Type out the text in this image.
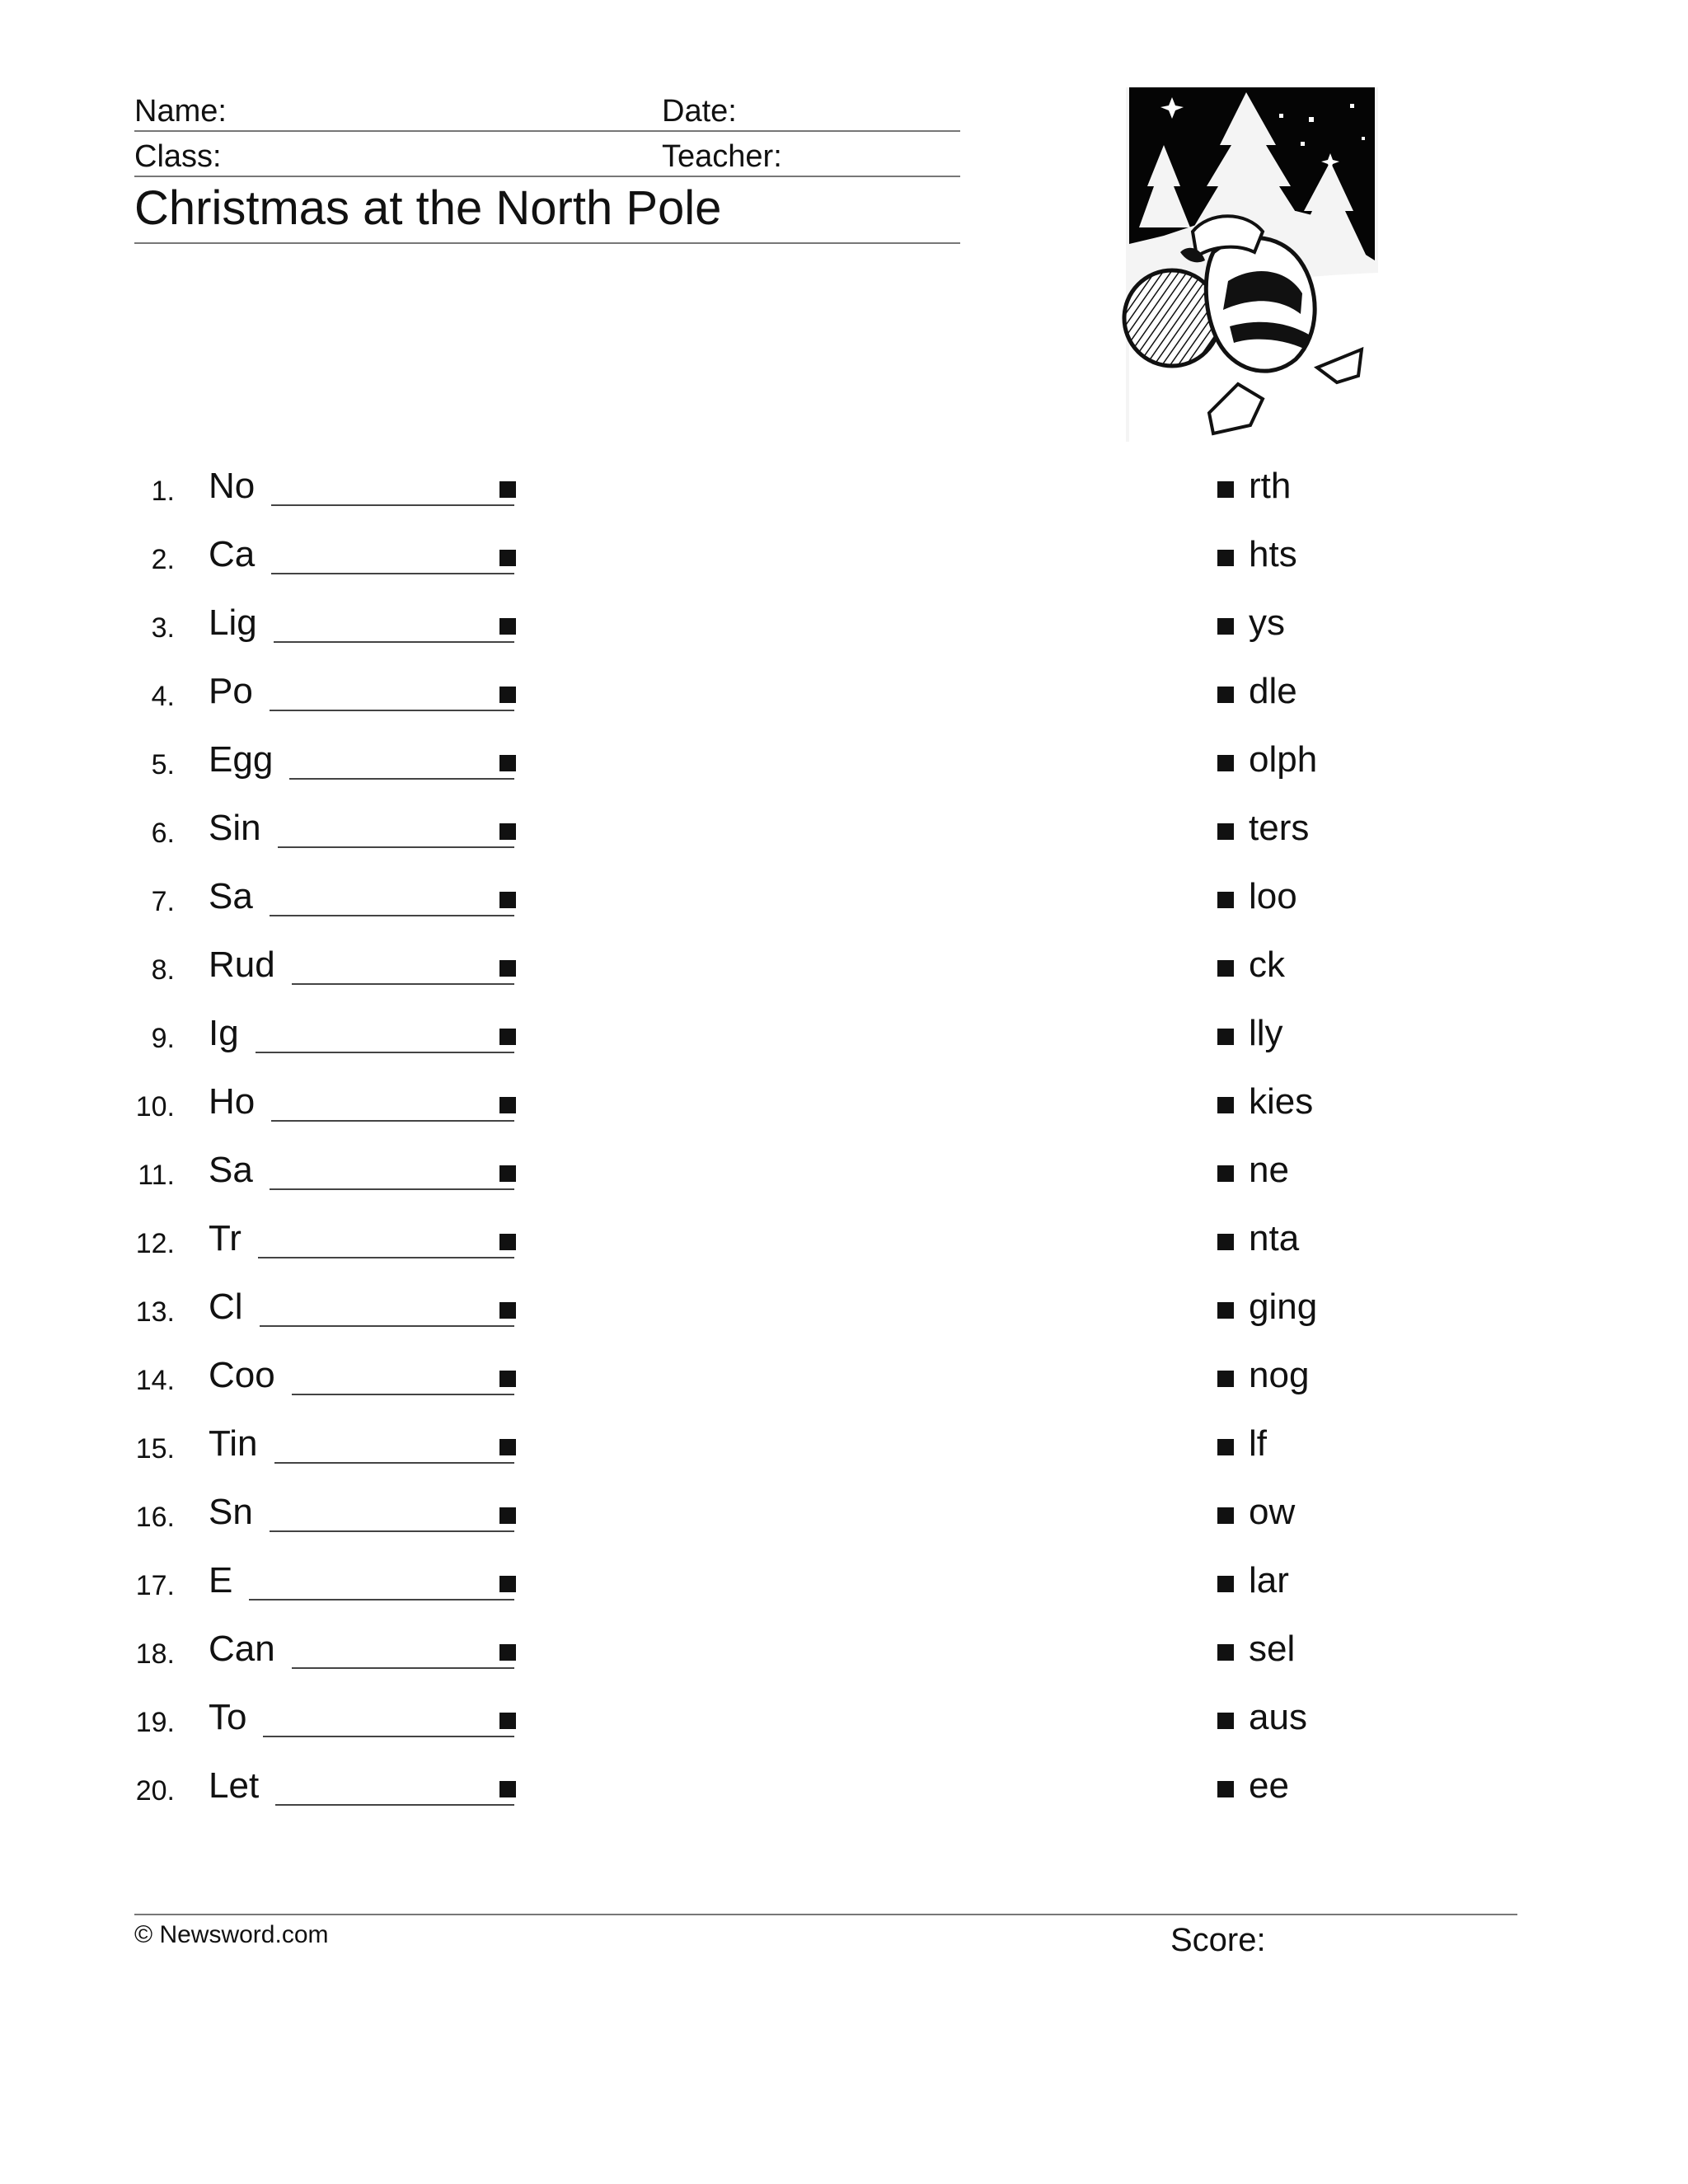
Name:	Date:
Class:	Teacher:
Christmas at the North Pole
1. No	rth
2. Ca	hts
3. Lig	ys
4. Po	dle
5. Egg	olph
6. Sin	ters
7. Sa	loo
8. Rud	ck
9. Ig	lly
10. Ho	kies
11. Sa	ne
12. Tr	nta
13. Cl	ging
14. Coo	nog
15. Tin	lf
16. Sn	ow
17. E	lar
18. Can	sel
19. To	aus
20. Let	ee
© Newsword.com	Score:
